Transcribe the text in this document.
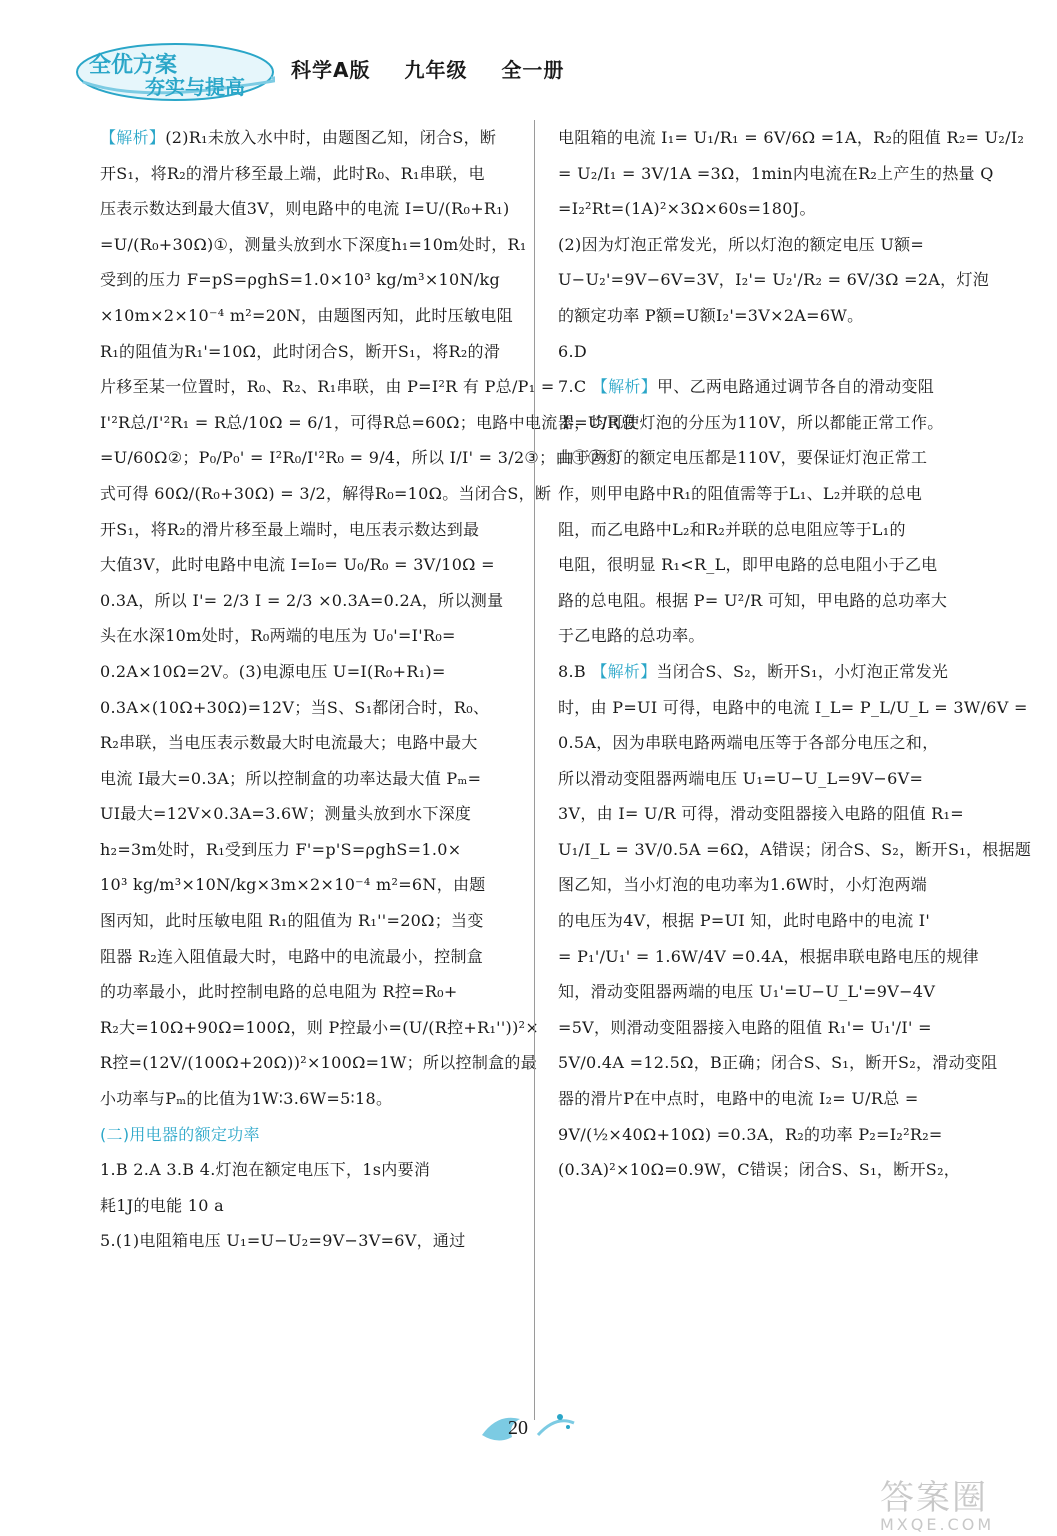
全优方案
夯实与提高
科学A版 九年级 全一册
【解析】(2)R₁未放入水中时，由题图乙知，闭合S，断
开S₁，将R₂的滑片移至最上端，此时R₀、R₁串联，电
压表示数达到最大值3V，则电路中的电流 I=U/(R₀+R₁)
=U/(R₀+30Ω)①，测量头放到水下深度h₁=10m处时，R₁
受到的压力 F=pS=ρghS=1.0×10³ kg/m³×10N/kg
×10m×2×10⁻⁴ m²=20N，由题图丙知，此时压敏电阻
R₁的阻值为R₁'=10Ω，此时闭合S，断开S₁，将R₂的滑
片移至某一位置时，R₀、R₂、R₁串联，由 P=I²R 有 P总/P₁ =
I'²R总/I'²R₁ = R总/10Ω = 6/1，可得R总=60Ω；电路中电流 I'=U/R总
=U/60Ω②；P₀/P₀' = I²R₀/I'²R₀ = 9/4，所以 I/I' = 3/2③；由①②③
式可得 60Ω/(R₀+30Ω) = 3/2，解得R₀=10Ω。当闭合S，断
开S₁，将R₂的滑片移至最上端时，电压表示数达到最
大值3V，此时电路中电流 I=I₀= U₀/R₀ = 3V/10Ω =
0.3A，所以 I'= 2/3 I = 2/3 ×0.3A=0.2A，所以测量
头在水深10m处时，R₀两端的电压为 U₀'=I'R₀=
0.2A×10Ω=2V。(3)电源电压 U=I(R₀+R₁)=
0.3A×(10Ω+30Ω)=12V；当S、S₁都闭合时，R₀、
R₂串联，当电压表示数最大时电流最大；电路中最大
电流 I最大=0.3A；所以控制盒的功率达最大值 Pₘ=
UI最大=12V×0.3A=3.6W；测量头放到水下深度
h₂=3m处时，R₁受到压力 F'=p'S=ρghS=1.0×
10³ kg/m³×10N/kg×3m×2×10⁻⁴ m²=6N，由题
图丙知，此时压敏电阻 R₁的阻值为 R₁''=20Ω；当变
阻器 R₂连入阻值最大时，电路中的电流最小，控制盒
的功率最小，此时控制电路的总电阻为 R控=R₀+
R₂大=10Ω+90Ω=100Ω，则 P控最小=(U/(R控+R₁''))²×
R控=(12V/(100Ω+20Ω))²×100Ω=1W；所以控制盒的最
小功率与Pₘ的比值为1W∶3.6W=5∶18。
(二)用电器的额定功率
1.B 2.A 3.B 4.灯泡在额定电压下，1s内要消
耗1J的电能 10 a
5.(1)电阻箱电压 U₁=U−U₂=9V−3V=6V，通过
电阻箱的电流 I₁= U₁/R₁ = 6V/6Ω =1A，R₂的阻值 R₂= U₂/I₂
= U₂/I₁ = 3V/1A =3Ω，1min内电流在R₂上产生的热量 Q
=I₂²Rt=(1A)²×3Ω×60s=180J。
(2)因为灯泡正常发光，所以灯泡的额定电压 U额=
U−U₂'=9V−6V=3V，I₂'= U₂'/R₂ = 6V/3Ω =2A，灯泡
的额定功率 P额=U额I₂'=3V×2A=6W。
6.D
7.C 【解析】甲、乙两电路通过调节各自的滑动变阻
器，均可使灯泡的分压为110V，所以都能正常工作。
由于两灯的额定电压都是110V，要保证灯泡正常工
作，则甲电路中R₁的阻值需等于L₁、L₂并联的总电
阻，而乙电路中L₂和R₂并联的总电阻应等于L₁的
电阻，很明显 R₁<R_L，即甲电路的总电阻小于乙电
路的总电阻。根据 P= U²/R 可知，甲电路的总功率大
于乙电路的总功率。
8.B 【解析】当闭合S、S₂，断开S₁，小灯泡正常发光
时，由 P=UI 可得，电路中的电流 I_L= P_L/U_L = 3W/6V =
0.5A，因为串联电路两端电压等于各部分电压之和，
所以滑动变阻器两端电压 U₁=U−U_L=9V−6V=
3V，由 I= U/R 可得，滑动变阻器接入电路的阻值 R₁=
U₁/I_L = 3V/0.5A =6Ω，A错误；闭合S、S₂，断开S₁，根据题
图乙知，当小灯泡的电功率为1.6W时，小灯泡两端
的电压为4V，根据 P=UI 知，此时电路中的电流 I'
= P₁'/U₁' = 1.6W/4V =0.4A，根据串联电路电压的规律
知，滑动变阻器两端的电压 U₁'=U−U_L'=9V−4V
=5V，则滑动变阻器接入电路的阻值 R₁'= U₁'/I' =
5V/0.4A =12.5Ω，B正确；闭合S、S₁，断开S₂，滑动变阻
器的滑片P在中点时，电路中的电流 I₂= U/R总 =
9V/(½×40Ω+10Ω) =0.3A，R₂的功率 P₂=I₂²R₂=
(0.3A)²×10Ω=0.9W，C错误；闭合S、S₁，断开S₂，
20
答案圈
MXQE.COM
